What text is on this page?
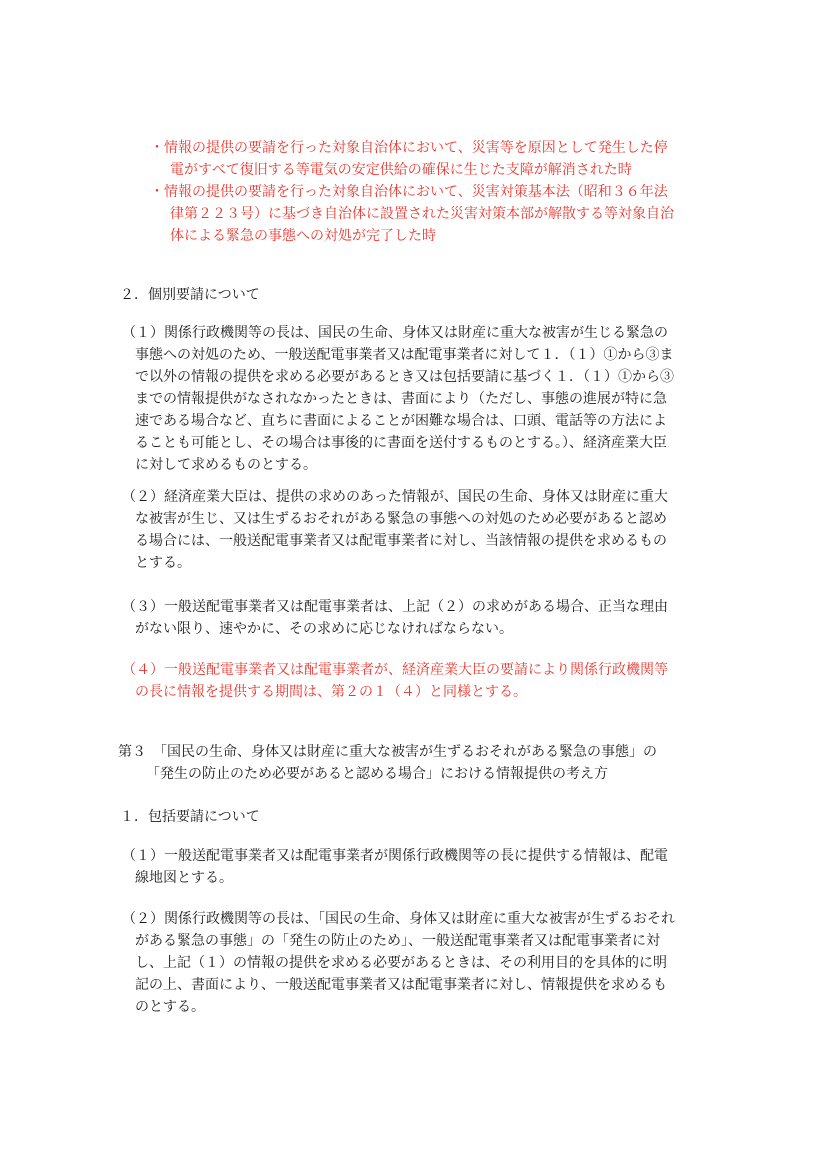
・情報の提供の要請を行った対象自治体において、災害等を原因として発生した停
電がすべて復旧する等電気の安定供給の確保に生じた支障が解消された時
・情報の提供の要請を行った対象自治体において、災害対策基本法（昭和３６年法
律第２２３号）に基づき自治体に設置された災害対策本部が解散する等対象自治
体による緊急の事態への対処が完了した時
２．個別要請について
（１）関係行政機関等の長は、国民の生命、身体又は財産に重大な被害が生じる緊急の
事態への対処のため、一般送配電事業者又は配電事業者に対して１．（１）①から③ま
で以外の情報の提供を求める必要があるとき又は包括要請に基づく１．（１）①から③
までの情報提供がなされなかったときは、書面により（ただし、事態の進展が特に急
速である場合など、直ちに書面によることが困難な場合は、口頭、電話等の方法によ
ることも可能とし、その場合は事後的に書面を送付するものとする。）、経済産業大臣
に対して求めるものとする。
（２）経済産業大臣は、提供の求めのあった情報が、国民の生命、身体又は財産に重大
な被害が生じ、又は生ずるおそれがある緊急の事態への対処のため必要があると認め
る場合には、一般送配電事業者又は配電事業者に対し、当該情報の提供を求めるもの
とする。
（３）一般送配電事業者又は配電事業者は、上記（２）の求めがある場合、正当な理由
がない限り、速やかに、その求めに応じなければならない。
（４）一般送配電事業者又は配電事業者が、経済産業大臣の要請により関係行政機関等
の長に情報を提供する期間は、第２の１（４）と同様とする。
第３　「国民の生命、身体又は財産に重大な被害が生ずるおそれがある緊急の事態」の
「発生の防止のため必要があると認める場合」における情報提供の考え方
１．包括要請について
（１）一般送配電事業者又は配電事業者が関係行政機関等の長に提供する情報は、配電
線地図とする。
（２）関係行政機関等の長は、「国民の生命、身体又は財産に重大な被害が生ずるおそれ
がある緊急の事態」の「発生の防止のため」、一般送配電事業者又は配電事業者に対
し、上記（１）の情報の提供を求める必要があるときは、その利用目的を具体的に明
記の上、書面により、一般送配電事業者又は配電事業者に対し、情報提供を求めるも
のとする。
